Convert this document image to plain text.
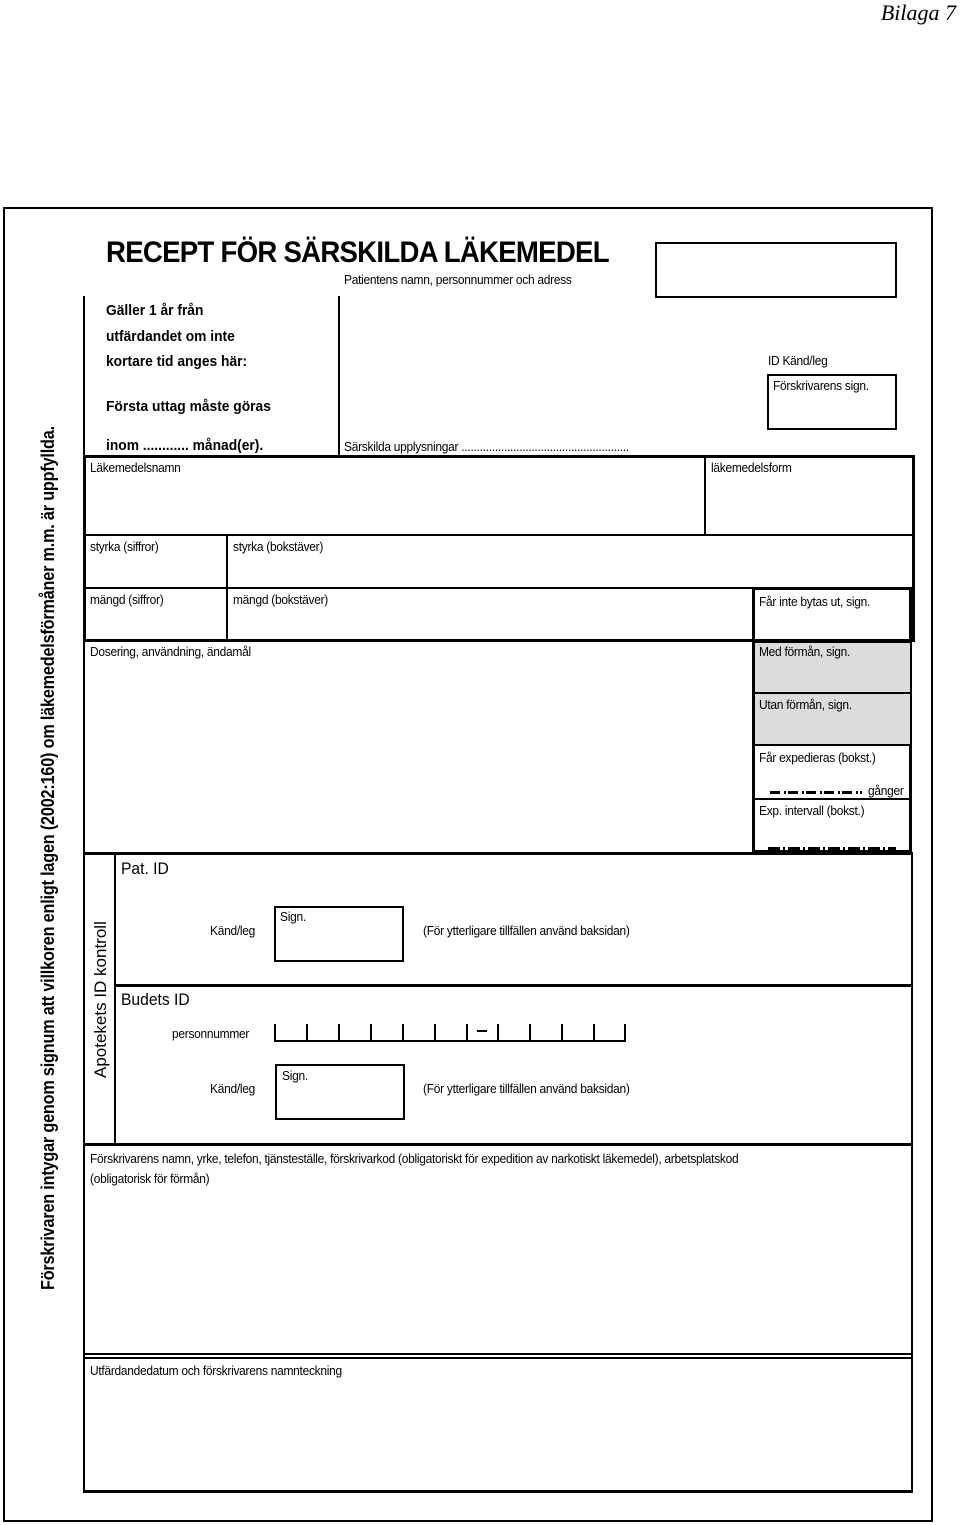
Bilaga 7
Förskrivaren intygar genom signum att villkoren enligt lagen (2002:160) om läkemedelsförmåner m.m. är uppfyllda.
RECEPT FÖR SÄRSKILDA LÄKEMEDEL
Patientens namn, personnummer och adress
Gäller 1 år från
utfärdandet om inte
kortare tid anges här:
Första uttag måste göras
inom ............ månad(er).	Särskilda upplysningar .......................................................
ID Känd/leg
Förskrivarens sign.
Läkemedelsnamn	läkemedelsform
styrka (siffror)	styrka (bokstäver)
mängd (siffror)	mängd (bokstäver)	Får inte bytas ut, sign.
Med förmån, sign.
Utan förmån, sign.
Får expedieras (bokst.)
gånger
Exp. intervall (bokst.)
Dosering, användning, ändamål
Apotekets ID kontroll
Pat. ID
Känd/leg
Sign.
(För ytterligare tillfällen använd baksidan)
Budets ID
personnummer
Känd/leg
Sign.
(För ytterligare tillfällen använd baksidan)
Förskrivarens namn, yrke, telefon, tjänsteställe, förskrivarkod (obligatoriskt för expedition av narkotiskt läkemedel), arbetsplatskod
(obligatorisk för förmån)
Utfärdandedatum och förskrivarens namnteckning
